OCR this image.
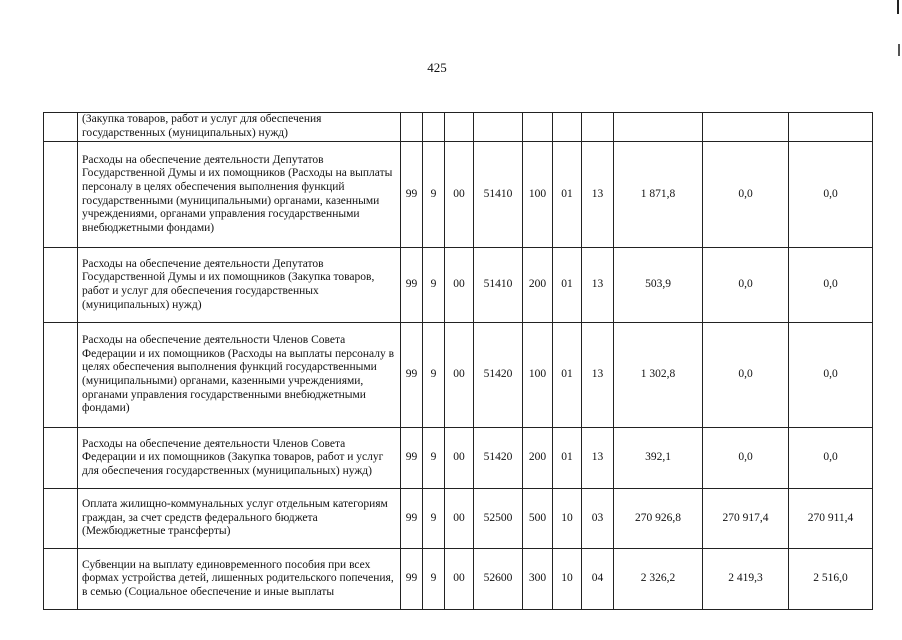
425
	(Закупка товаров, работ и услуг для обеспечения государственных (муниципальных) нужд)										
	Расходы на обеспечение деятельности Депутатов Государственной Думы и их помощников (Расходы на выплаты персоналу в целях обеспечения выполнения функций государственными (муниципальными) органами, казенными учреждениями, органами управления государственными внебюджетными фондами)	99	9	00	51410	100	01	13	1 871,8	0,0	0,0
	Расходы на обеспечение деятельности Депутатов Государственной Думы и их помощников (Закупка товаров, работ и услуг для обеспечения государственных (муниципальных) нужд)	99	9	00	51410	200	01	13	503,9	0,0	0,0
	Расходы на обеспечение деятельности Членов Совета Федерации и их помощников (Расходы на выплаты персоналу в целях обеспечения выполнения функций государственными (муниципальными) органами, казенными учреждениями, органами управления государственными внебюджетными фондами)	99	9	00	51420	100	01	13	1 302,8	0,0	0,0
	Расходы на обеспечение деятельности Членов Совета Федерации и их помощников (Закупка товаров, работ и услуг для обеспечения государственных (муниципальных) нужд)	99	9	00	51420	200	01	13	392,1	0,0	0,0
	Оплата жилищно-коммунальных услуг отдельным категориям граждан, за счет средств федерального бюджета (Межбюджетные трансферты)	99	9	00	52500	500	10	03	270 926,8	270 917,4	270 911,4
	Субвенции на выплату единовременного пособия при всех формах устройства детей, лишенных родительского попечения, в семью (Социальное обеспечение и иные выплаты	99	9	00	52600	300	10	04	2 326,2	2 419,3	2 516,0
